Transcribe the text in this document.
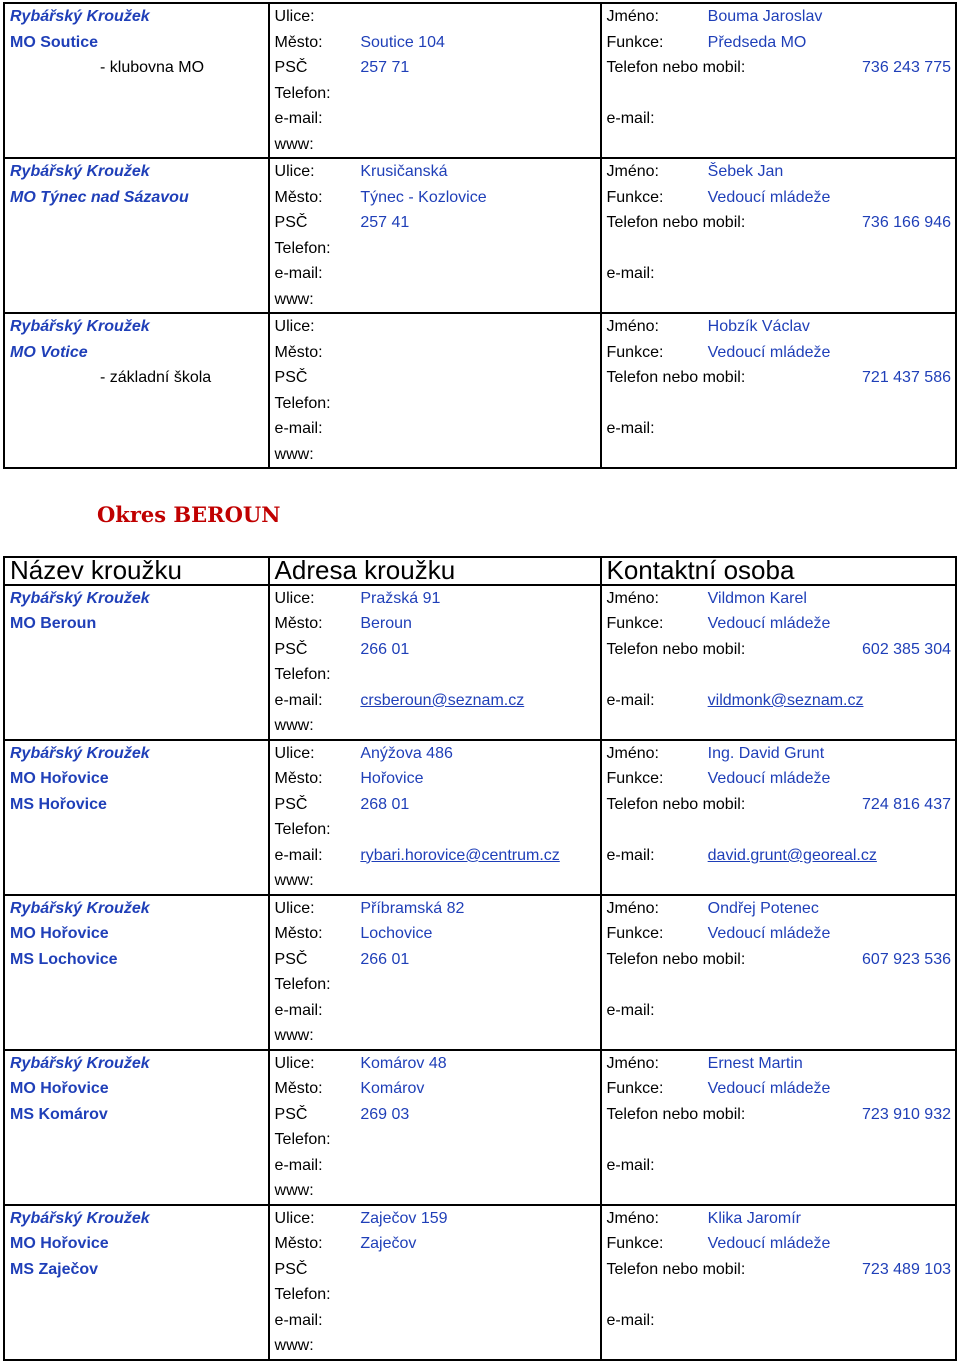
Rybářský Kroužek	Ulice:		Jméno:	Bouma Jaroslav
MO Soutice	Město:	Soutice 104	Funkce:	Předseda MO
- klubovna MO	PSČ	257 71	Telefon nebo mobil: 736 243 775	

	Telefon:			
	e-mail:		e-mail:	
	www:			
Rybářský Kroužek	Ulice:	Krusičanská	Jméno:	Šebek Jan
MO Týnec nad Sázavou	Město:	Týnec - Kozlovice	Funkce:	Vedoucí mládeže
	PSČ	257 41	Telefon nebo mobil: 736 166 946	

	Telefon:			
	e-mail:		e-mail:	
	www:			
Rybářský Kroužek	Ulice:		Jméno:	Hobzík Václav
MO Votice	Město:		Funkce:	Vedoucí mládeže
- základní škola	PSČ		Telefon nebo mobil: 721 437 586	

	Telefon:			
	e-mail:		e-mail:	
	www:			
Okres BEROUN
Název kroužku	Adresa kroužku		Kontaktní osoba	
Rybářský Kroužek	Ulice:	Pražská 91	Jméno:	Vildmon Karel
MO Beroun	Město:	Beroun	Funkce:	Vedoucí mládeže
	PSČ	266 01	Telefon nebo mobil: 602 385 304	

	Telefon:			
	e-mail:	crsberoun@seznam.cz	e-mail:	vildmonk@seznam.cz
	www:			
Rybářský Kroužek	Ulice:	Anýžova 486	Jméno:	Ing. David Grunt
MO Hořovice	Město:	Hořovice	Funkce:	Vedoucí mládeže
MS Hořovice	PSČ	268 01	Telefon nebo mobil: 724 816 437	

	Telefon:			
	e-mail:	rybari.horovice@centrum.cz	e-mail:	david.grunt@georeal.cz
	www:			
Rybářský Kroužek	Ulice:	Příbramská 82	Jméno:	Ondřej Potenec
MO Hořovice	Město:	Lochovice	Funkce:	Vedoucí mládeže
MS Lochovice	PSČ	266 01	Telefon nebo mobil: 607 923 536	

	Telefon:			
	e-mail:		e-mail:	
	www:			
Rybářský Kroužek	Ulice:	Komárov 48	Jméno:	Ernest Martin
MO Hořovice	Město:	Komárov	Funkce:	Vedoucí mládeže
MS Komárov	PSČ	269 03	Telefon nebo mobil: 723 910 932	

	Telefon:			
	e-mail:		e-mail:	
	www:			
Rybářský Kroužek	Ulice:	Zaječov 159	Jméno:	Klika Jaromír
MO Hořovice	Město:	Zaječov	Funkce:	Vedoucí mládeže
MS Zaječov	PSČ		Telefon nebo mobil: 723 489 103	

	Telefon:			
	e-mail:		e-mail:	
	www:			
